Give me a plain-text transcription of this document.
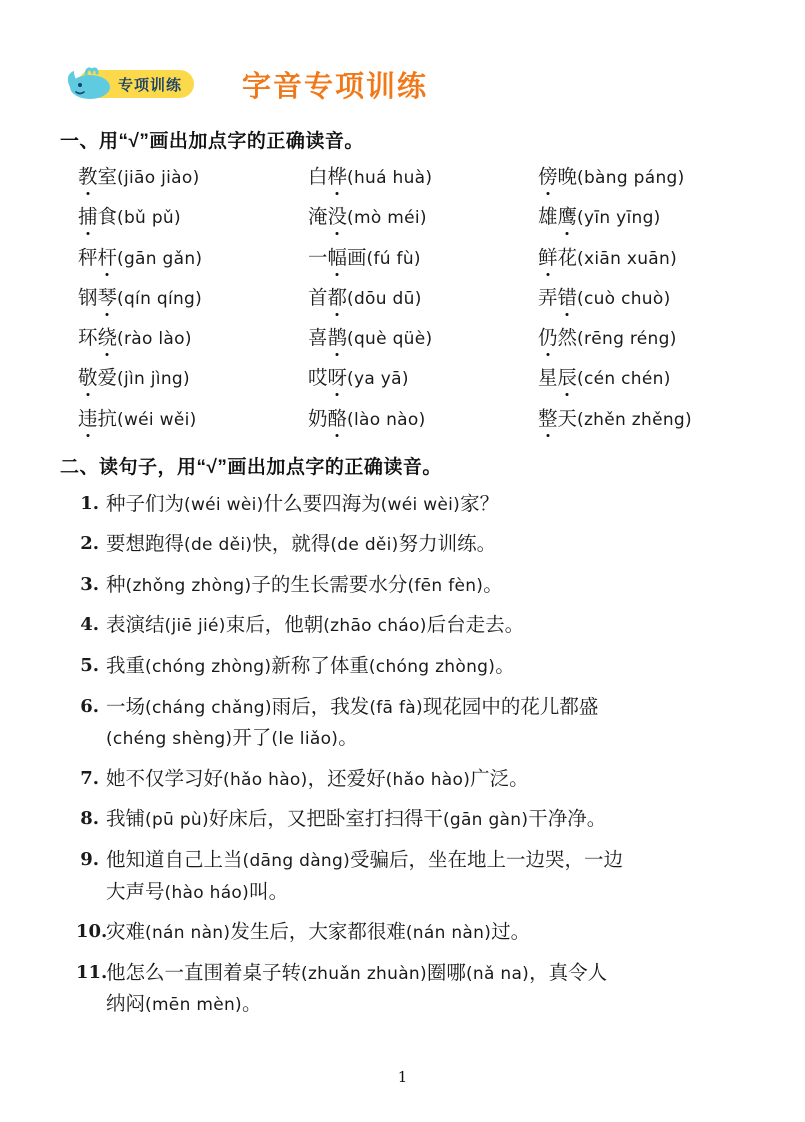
专项训练 字音专项训练
一、用“√”画出加点字的正确读音。
教室(jiāo jiào)	白桦(huá huà)	傍晚(bàng páng)
捕食(bǔ pǔ)	淹没(mò méi)	雄鹰(yīn yīng)
秤杆(gān gǎn)	一幅画(fú fù)	鲜花(xiān xuān)
钢琴(qín qíng)	首都(dōu dū)	弄错(cuò chuò)
环绕(rào lào)	喜鹊(què qüè)	仍然(rēng réng)
敬爱(jìn jìng)	哎呀(ya yā)	星辰(cén chén)
违抗(wéi wěi)	奶酪(lào nào)	整天(zhěn zhěng)
二、读句子，用“√”画出加点字的正确读音。
1. 种子们为(wéi wèi)什么要四海为(wéi wèi)家？
2. 要想跑得(de děi)快，就得(de děi)努力训练。
3. 种(zhǒng zhòng)子的生长需要水分(fēn fèn)。
4. 表演结(jiē jié)束后，他朝(zhāo cháo)后台走去。
5. 我重(chóng zhòng)新称了体重(chóng zhòng)。
6. 一场(cháng chǎng)雨后，我发(fā fà)现花园中的花儿都盛
(chéng shèng)开了(le liǎo)。
7. 她不仅学习好(hǎo hào)，还爱好(hǎo hào)广泛。
8. 我铺(pū pù)好床后，又把卧室打扫得干(gān gàn)干净净。
9. 他知道自己上当(dāng dàng)受骗后，坐在地上一边哭，一边
大声号(hào háo)叫。
10.
灾难(nán nàn)发生后，大家都很难(nán nàn)过。
11.
他怎么一直围着桌子转(zhuǎn zhuàn)圈哪(nǎ na)，真令人
纳闷(mēn mèn)。
1
